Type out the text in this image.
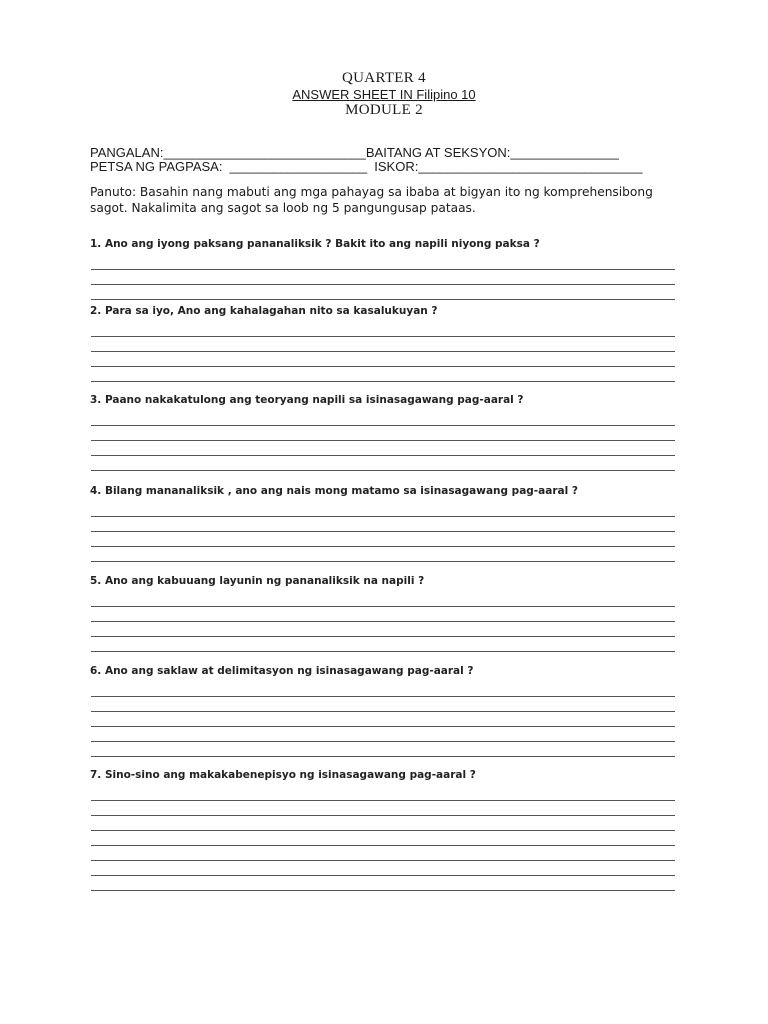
QUARTER 4
ANSWER SHEET IN Filipino 10
MODULE 2
PANGALAN:____________________________BAITANG AT SEKSYON:_______________
PETSA NG PAGPASA:  ___________________  ISKOR:_______________________________
Panuto: Basahin nang mabuti ang mga pahayag sa ibaba at bigyan ito ng komprehensibong sagot. Nakalimita ang sagot sa loob ng 5 pangungusap pataas.
1. Ano ang iyong paksang pananaliksik ? Bakit ito ang napili niyong paksa ?
2. Para sa iyo, Ano ang kahalagahan nito sa kasalukuyan ?
3. Paano nakakatulong ang teoryang napili sa isinasagawang pag-aaral ?
4. Bilang mananaliksik , ano ang nais mong matamo sa isinasagawang pag-aaral ?
5. Ano ang kabuuang layunin ng pananaliksik na napili ?
6. Ano ang saklaw at delimitasyon ng isinasagawang pag-aaral ?
7. Sino-sino ang makakabenepisyo ng isinasagawang pag-aaral ?
